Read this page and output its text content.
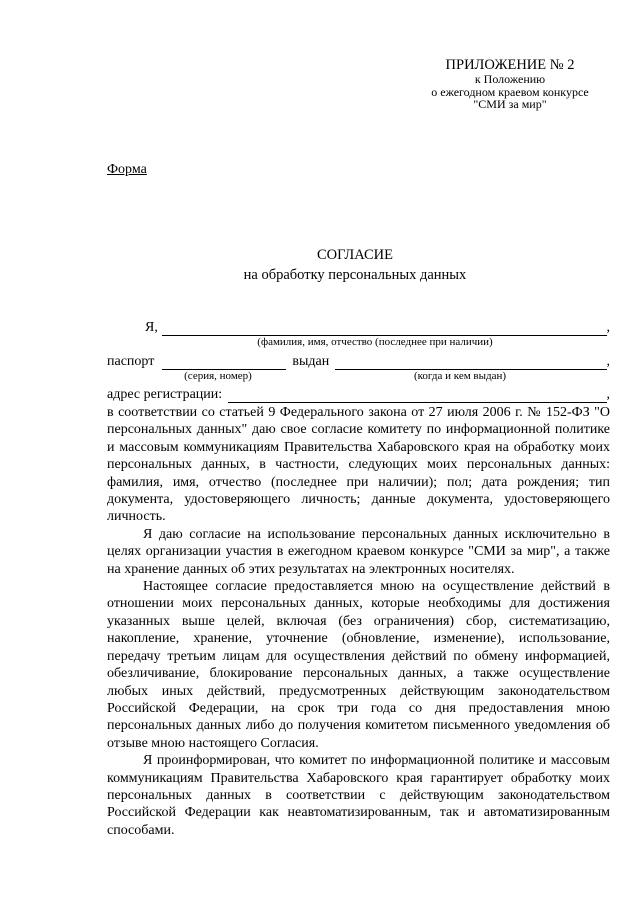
ПРИЛОЖЕНИЕ № 2
к Положению
о ежегодном краевом конкурсе
"СМИ за мир"
Форма
СОГЛАСИЕ
на обработку персональных данных
Я,	,
(фамилия, имя, отчество (последнее при наличии)
паспорт	выдан	,
(серия, номер)	(когда и кем выдан)
адрес регистрации:	,

в соответствии со статьей 9 Федерального закона от 27 июля 2006 г. № 152-ФЗ "О персональных данных" даю свое согласие комитету по информационной политике и массовым коммуникациям Правительства Хабаровского края на обработку моих персональных данных, в частности, следующих моих персональных данных: фамилия, имя, отчество (последнее при наличии); пол; дата рождения; тип документа, удостоверяющего личность; данные документа, удостоверяющего личность.

Я даю согласие на использование персональных данных исключительно в целях организации участия в ежегодном краевом конкурсе "СМИ за мир", а также на хранение данных об этих результатах на электронных носителях.

Настоящее согласие предоставляется мною на осуществление действий в отношении моих персональных данных, которые необходимы для достижения указанных выше целей, включая (без ограничения) сбор, систематизацию, накопление, хранение, уточнение (обновление, изменение), использование, передачу третьим лицам для осуществления действий по обмену информацией, обезличивание, блокирование персональных данных, а также осуществление любых иных действий, предусмотренных действующим законодательством Российской Федерации, на срок три года со дня предоставления мною персональных данных либо до получения комитетом письменного уведомления об отзыве мною настоящего Согласия.

Я проинформирован, что комитет по информационной политике и массовым коммуникациям Правительства Хабаровского края гарантирует обработку моих персональных данных в соответствии с действующим законодательством Российской Федерации как неавтоматизированным, так и автоматизированным способами.
